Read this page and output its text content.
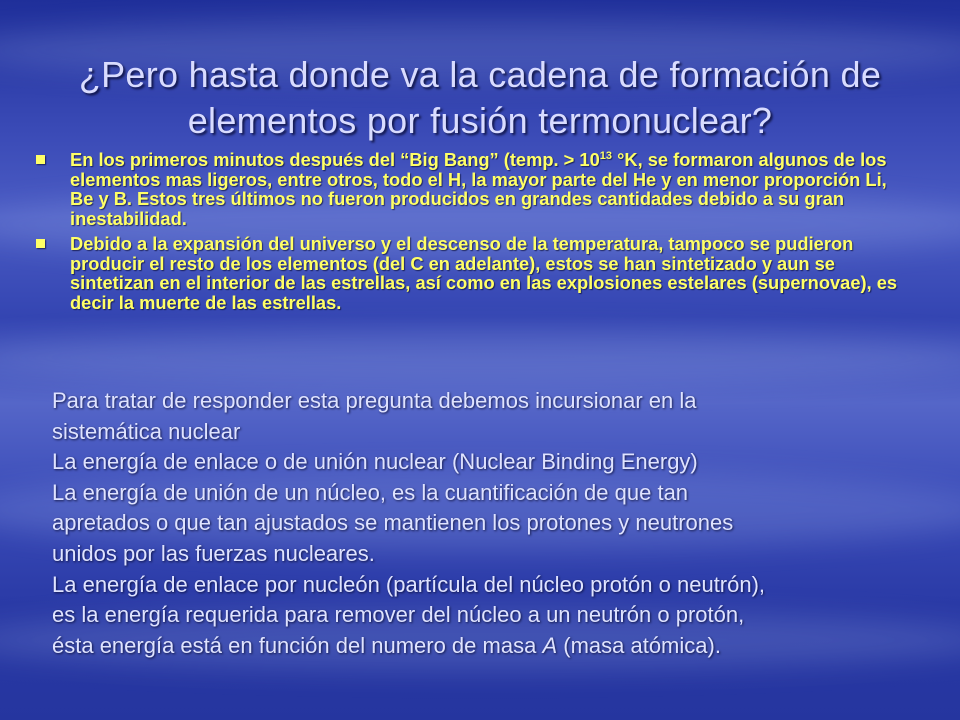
¿Pero hasta donde va la cadena de formación de
elementos por fusión termonuclear?
En los primeros minutos después del “Big Bang” (temp. > $10^{13}$ °K, se formaron algunos de los elementos mas ligeros, entre otros, todo el H, la mayor parte del He y en menor proporción Li, Be y B. Estos tres últimos no fueron producidos en grandes cantidades debido a su gran inestabilidad.
Debido a la expansión del universo y el descenso de la temperatura, tampoco se pudieron producir el resto de los elementos (del C en adelante), estos se han sintetizado y aun se sintetizan en el interior de las estrellas, así como en las explosiones estelares (supernovae), es decir la muerte de las estrellas.

Para tratar de responder esta pregunta debemos incursionar en la

sistemática nuclear

La energía de enlace o de unión nuclear (Nuclear Binding Energy)

La energía de unión de un núcleo, es la cuantificación de que tan

apretados o que tan ajustados se mantienen los protones y neutrones

unidos por las fuerzas nucleares.

La energía de enlace por nucleón (partícula del núcleo protón o neutrón),

es la energía requerida para remover del núcleo a un neutrón o protón,

ésta energía está en función del numero de masa A (masa atómica).
